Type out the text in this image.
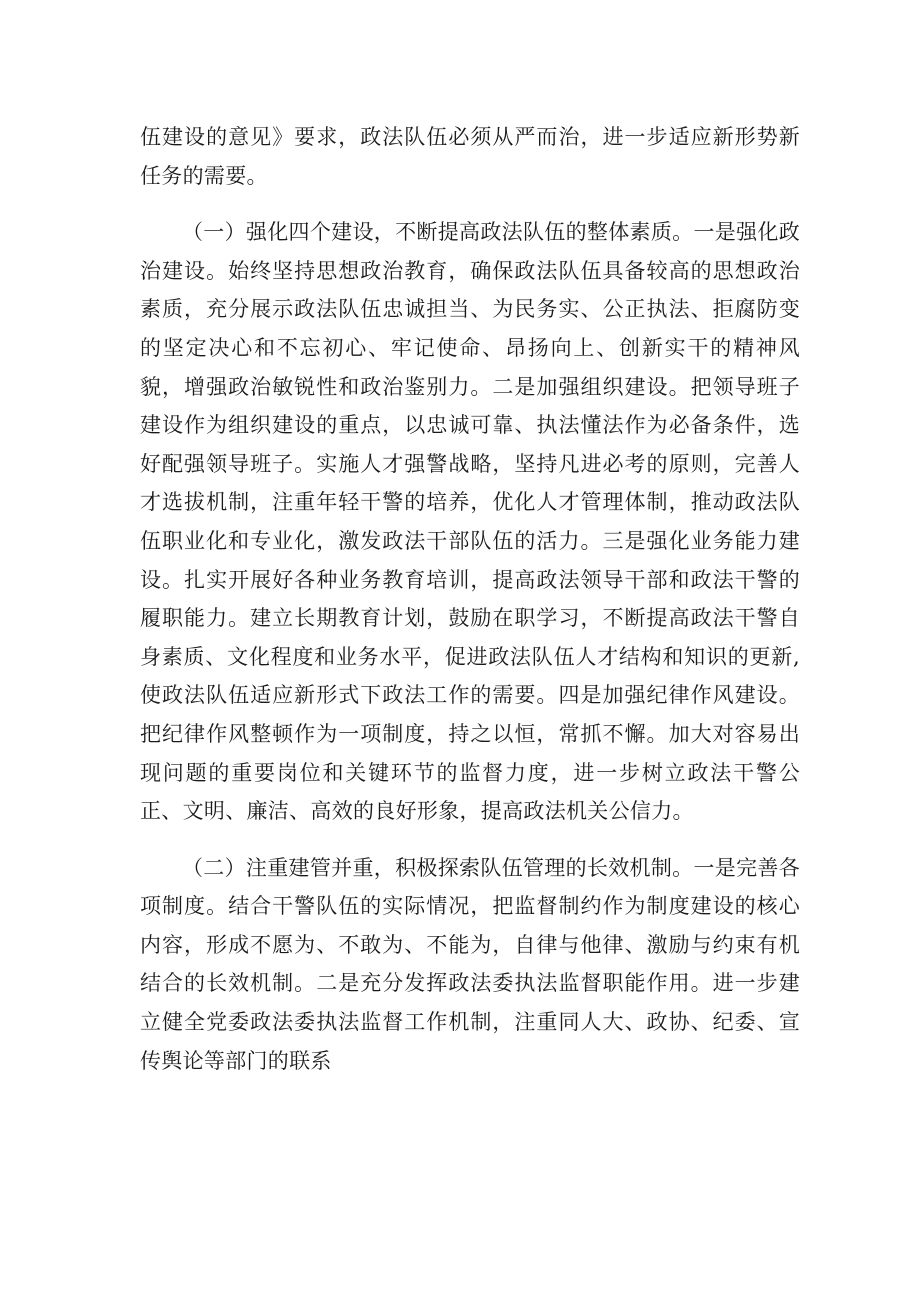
伍建设的意见》要求，政法队伍必须从严而治，进一步适应新形势新任务的需要。

（一）强化四个建设，不断提高政法队伍的整体素质。一是强化政治建设。始终坚持思想政治教育，确保政法队伍具备较高的思想政治素质，充分展示政法队伍忠诚担当、为民务实、公正执法、拒腐防变的坚定决心和不忘初心、牢记使命、昂扬向上、创新实干的精神风貌，增强政治敏锐性和政治鉴别力。二是加强组织建设。把领导班子建设作为组织建设的重点，以忠诚可靠、执法懂法作为必备条件，选好配强领导班子。实施人才强警战略，坚持凡进必考的原则，完善人才选拔机制，注重年轻干警的培养，优化人才管理体制，推动政法队伍职业化和专业化，激发政法干部队伍的活力。三是强化业务能力建设。扎实开展好各种业务教育培训，提高政法领导干部和政法干警的履职能力。建立长期教育计划，鼓励在职学习，不断提高政法干警自身素质、文化程度和业务水平，促进政法队伍人才结构和知识的更新,使政法队伍适应新形式下政法工作的需要。四是加强纪律作风建设。把纪律作风整顿作为一项制度，持之以恒，常抓不懈。加大对容易出现问题的重要岗位和关键环节的监督力度，进一步树立政法干警公正、文明、廉洁、高效的良好形象，提高政法机关公信力。

（二）注重建管并重，积极探索队伍管理的长效机制。一是完善各项制度。结合干警队伍的实际情况，把监督制约作为制度建设的核心内容，形成不愿为、不敢为、不能为，自律与他律、激励与约束有机结合的长效机制。二是充分发挥政法委执法监督职能作用。进一步建立健全党委政法委执法监督工作机制，注重同人大、政协、纪委、宣传舆论等部门的联系
